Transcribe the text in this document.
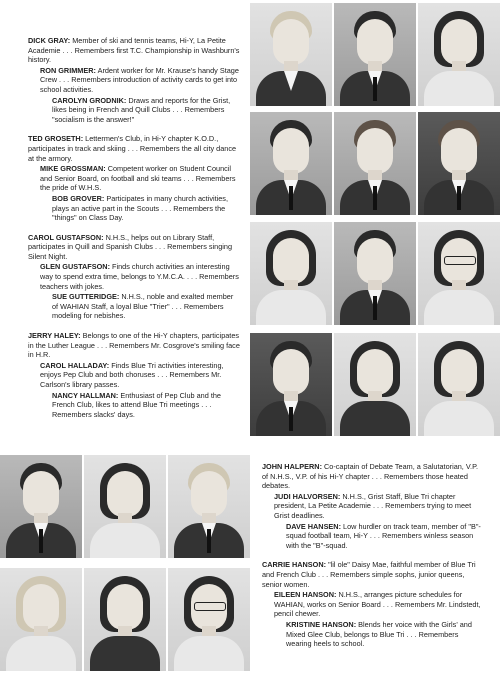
DICK GRAY: Member of ski and tennis teams, Hi-Y, La Petite Academie . . . Remembers first T.C. Championship in Washburn's history.

RON GRIMMER: Ardent worker for Mr. Krause's handy Stage Crew . . . Remembers introduction of activity cards to get into school activities.

CAROLYN GRODNIK: Draws and reports for the Grist, likes being in French and Quill Clubs . . . Remembers "socialism is the answer!"

TED GROSETH: Lettermen's Club, in Hi-Y chapter K.O.D., participates in track and skiing . . . Remembers the all city dance at the armory.

MIKE GROSSMAN: Competent worker on Student Council and Senior Board, on football and ski teams . . . Remembers the pride of W.H.S.

BOB GROVER: Participates in many church activities, plays an active part in the Scouts . . . Remembers the "things" on Class Day.

CAROL GUSTAFSON: N.H.S., helps out on Library Staff, participates in Quill and Spanish Clubs . . . Remembers singing Silent Night.

GLEN GUSTAFSON: Finds church activities an interesting way to spend extra time, belongs to Y.M.C.A. . . . Remembers teachers with jokes.

SUE GUTTERIDGE: N.H.S., noble and exalted member of WAHIAN Staff, a loyal Blue "Trier" . . . Remembers modeling for nebishes.

JERRY HALEY: Belongs to one of the Hi-Y chapters, participates in the Luther League . . . Remembers Mr. Cosgrove's smiling face in H.R.

CAROL HALLADAY: Finds Blue Tri activities interesting, enjoys Pep Club and both choruses . . . Remembers Mr. Carlson's library passes.

NANCY HALLMAN: Enthusiast of Pep Club and the French Club, likes to attend Blue Tri meetings . . . Remembers slacks' days.

JOHN HALPERN: Co-captain of Debate Team, a Salutatorian, V.P. of N.H.S., V.P. of his Hi-Y chapter . . . Remembers those heated debates.

JUDI HALVORSEN: N.H.S., Grist Staff, Blue Tri chapter president, La Petite Academie . . . Remembers trying to meet Grist deadlines.

DAVE HANSEN: Low hurdler on track team, member of "B"-squad football team, Hi-Y . . . Remembers winless season with the "B"-squad.

CARRIE HANSON: "lil ole" Daisy Mae, faithful member of Blue Tri and French Club . . . Remembers simple sophs, junior queens, senior women.

EILEEN HANSON: N.H.S., arranges picture schedules for WAHIAN, works on Senior Board . . . Remembers Mr. Lindstedt, pencil chewer.

KRISTINE HANSON: Blends her voice with the Girls' and Mixed Glee Club, belongs to Blue Tri . . . Remembers wearing heels to school.
